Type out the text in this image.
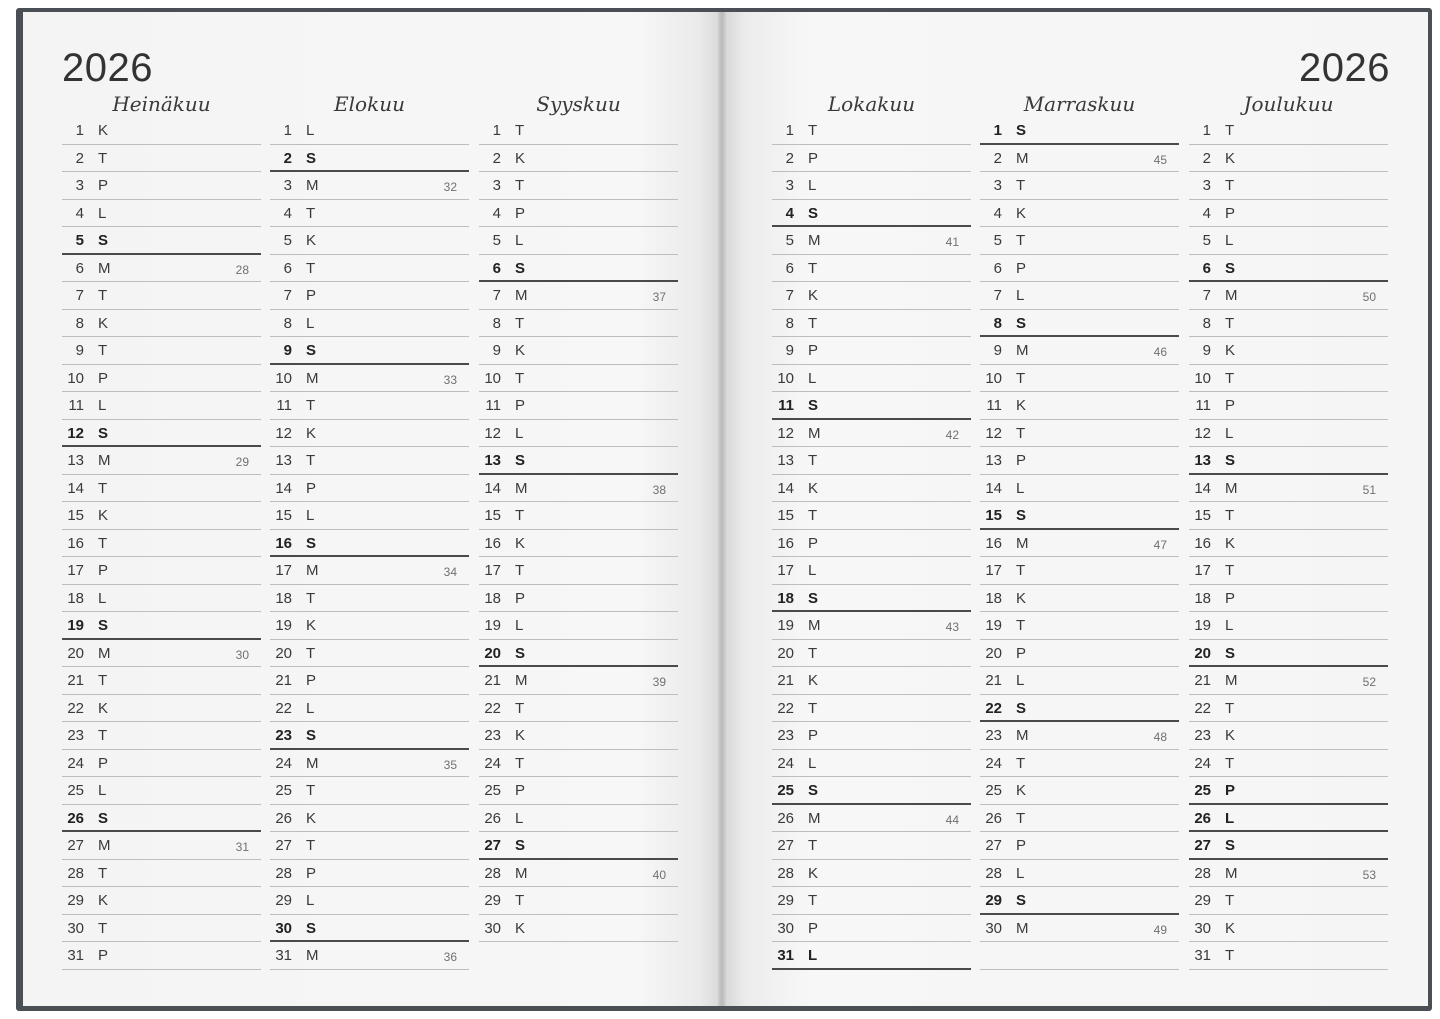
2026	2026
Heinäkuu
1 K
2 T
3 P
4 L
5 S
6 M	28
7 T
8 K
9 T
10 P
11 L
12 S
13 M	29
14 T
15 K
16 T
17 P
18 L
19 S
20 M	30
21 T
22 K
23 T
24 P
25 L
26 S
27 M	31
28 T
29 K
30 T
31 P
Elokuu
1 L
2 S
3 M	32
4 T
5 K
6 T
7 P
8 L
9 S
10 M	33
11 T
12 K
13 T
14 P
15 L
16 S
17 M	34
18 T
19 K
20 T
21 P
22 L
23 S
24 M	35
25 T
26 K
27 T
28 P
29 L
30 S
31 M	36
Syyskuu
1 T
2 K
3 T
4 P
5 L
6 S
7 M	37
8 T
9 K
10 T
11 P
12 L
13 S
14 M	38
15 T
16 K
17 T
18 P
19 L
20 S
21 M	39
22 T
23 K
24 T
25 P
26 L
27 S
28 M	40
29 T
30 K
Lokakuu
1 T
2 P
3 L
4 S
5 M	41
6 T
7 K
8 T
9 P
10 L
11 S
12 M	42
13 T
14 K
15 T
16 P
17 L
18 S
19 M	43
20 T
21 K
22 T
23 P
24 L
25 S
26 M	44
27 T
28 K
29 T
30 P
31 L
Marraskuu
1 S
2 M	45
3 T
4 K
5 T
6 P
7 L
8 S
9 M	46
10 T
11 K
12 T
13 P
14 L
15 S
16 M	47
17 T
18 K
19 T
20 P
21 L
22 S
23 M	48
24 T
25 K
26 T
27 P
28 L
29 S
30 M	49
Joulukuu
1 T
2 K
3 T
4 P
5 L
6 S
7 M	50
8 T
9 K
10 T
11 P
12 L
13 S
14 M	51
15 T
16 K
17 T
18 P
19 L
20 S
21 M	52
22 T
23 K
24 T
25 P
26 L
27 S
28 M	53
29 T
30 K
31 T
